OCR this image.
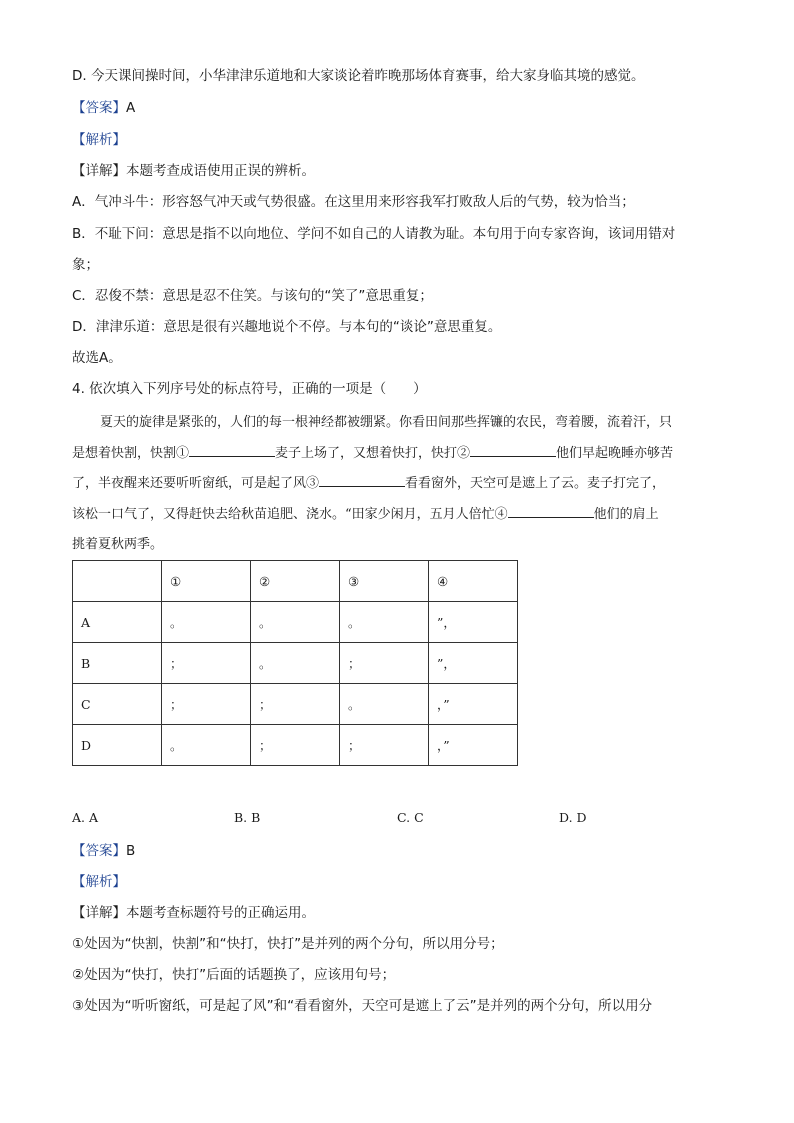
D. 今天课间操时间，小华津津乐道地和大家谈论着昨晚那场体育赛事，给大家身临其境的感觉。
【答案】A
【解析】
【详解】本题考查成语使用正误的辨析。
A．气冲斗牛：形容怒气冲天或气势很盛。在这里用来形容我军打败敌人后的气势，较为恰当；
B．不耻下问：意思是指不以向地位、学问不如自己的人请教为耻。本句用于向专家咨询，该词用错对
象；
C．忍俊不禁：意思是忍不住笑。与该句的“笑了”意思重复；
D．津津乐道：意思是很有兴趣地说个不停。与本句的“谈论”意思重复。
故选A。
4. 依次填入下列序号处的标点符号，正确的一项是（　　）
夏天的旋律是紧张的，人们的每一根神经都被绷紧。你看田间那些挥镰的农民，弯着腰，流着汗，只
是想着快割，快割①	麦子上场了，又想着快打，快打②	他们早起晚睡亦够苦
了，半夜醒来还要听听窗纸，可是起了风③	看看窗外，天空可是遮上了云。麦子打完了，
该松一口气了，又得赶快去给秋苗追肥、浇水。“田家少闲月，五月人倍忙④	他们的肩上
挑着夏秋两季。
	①	②	③	④
A	。	。	。	”，
B	；	。	；	”，
C	；	；	。	，”
D	。	；	；	，”
A. A	B. B	C. C	D. D
【答案】B
【解析】
【详解】本题考查标题符号的正确运用。
①处因为“快割，快割”和“快打，快打”是并列的两个分句，所以用分号；
②处因为“快打，快打”后面的话题换了，应该用句号；
③处因为“听听窗纸，可是起了风”和“看看窗外，天空可是遮上了云”是并列的两个分句，所以用分
